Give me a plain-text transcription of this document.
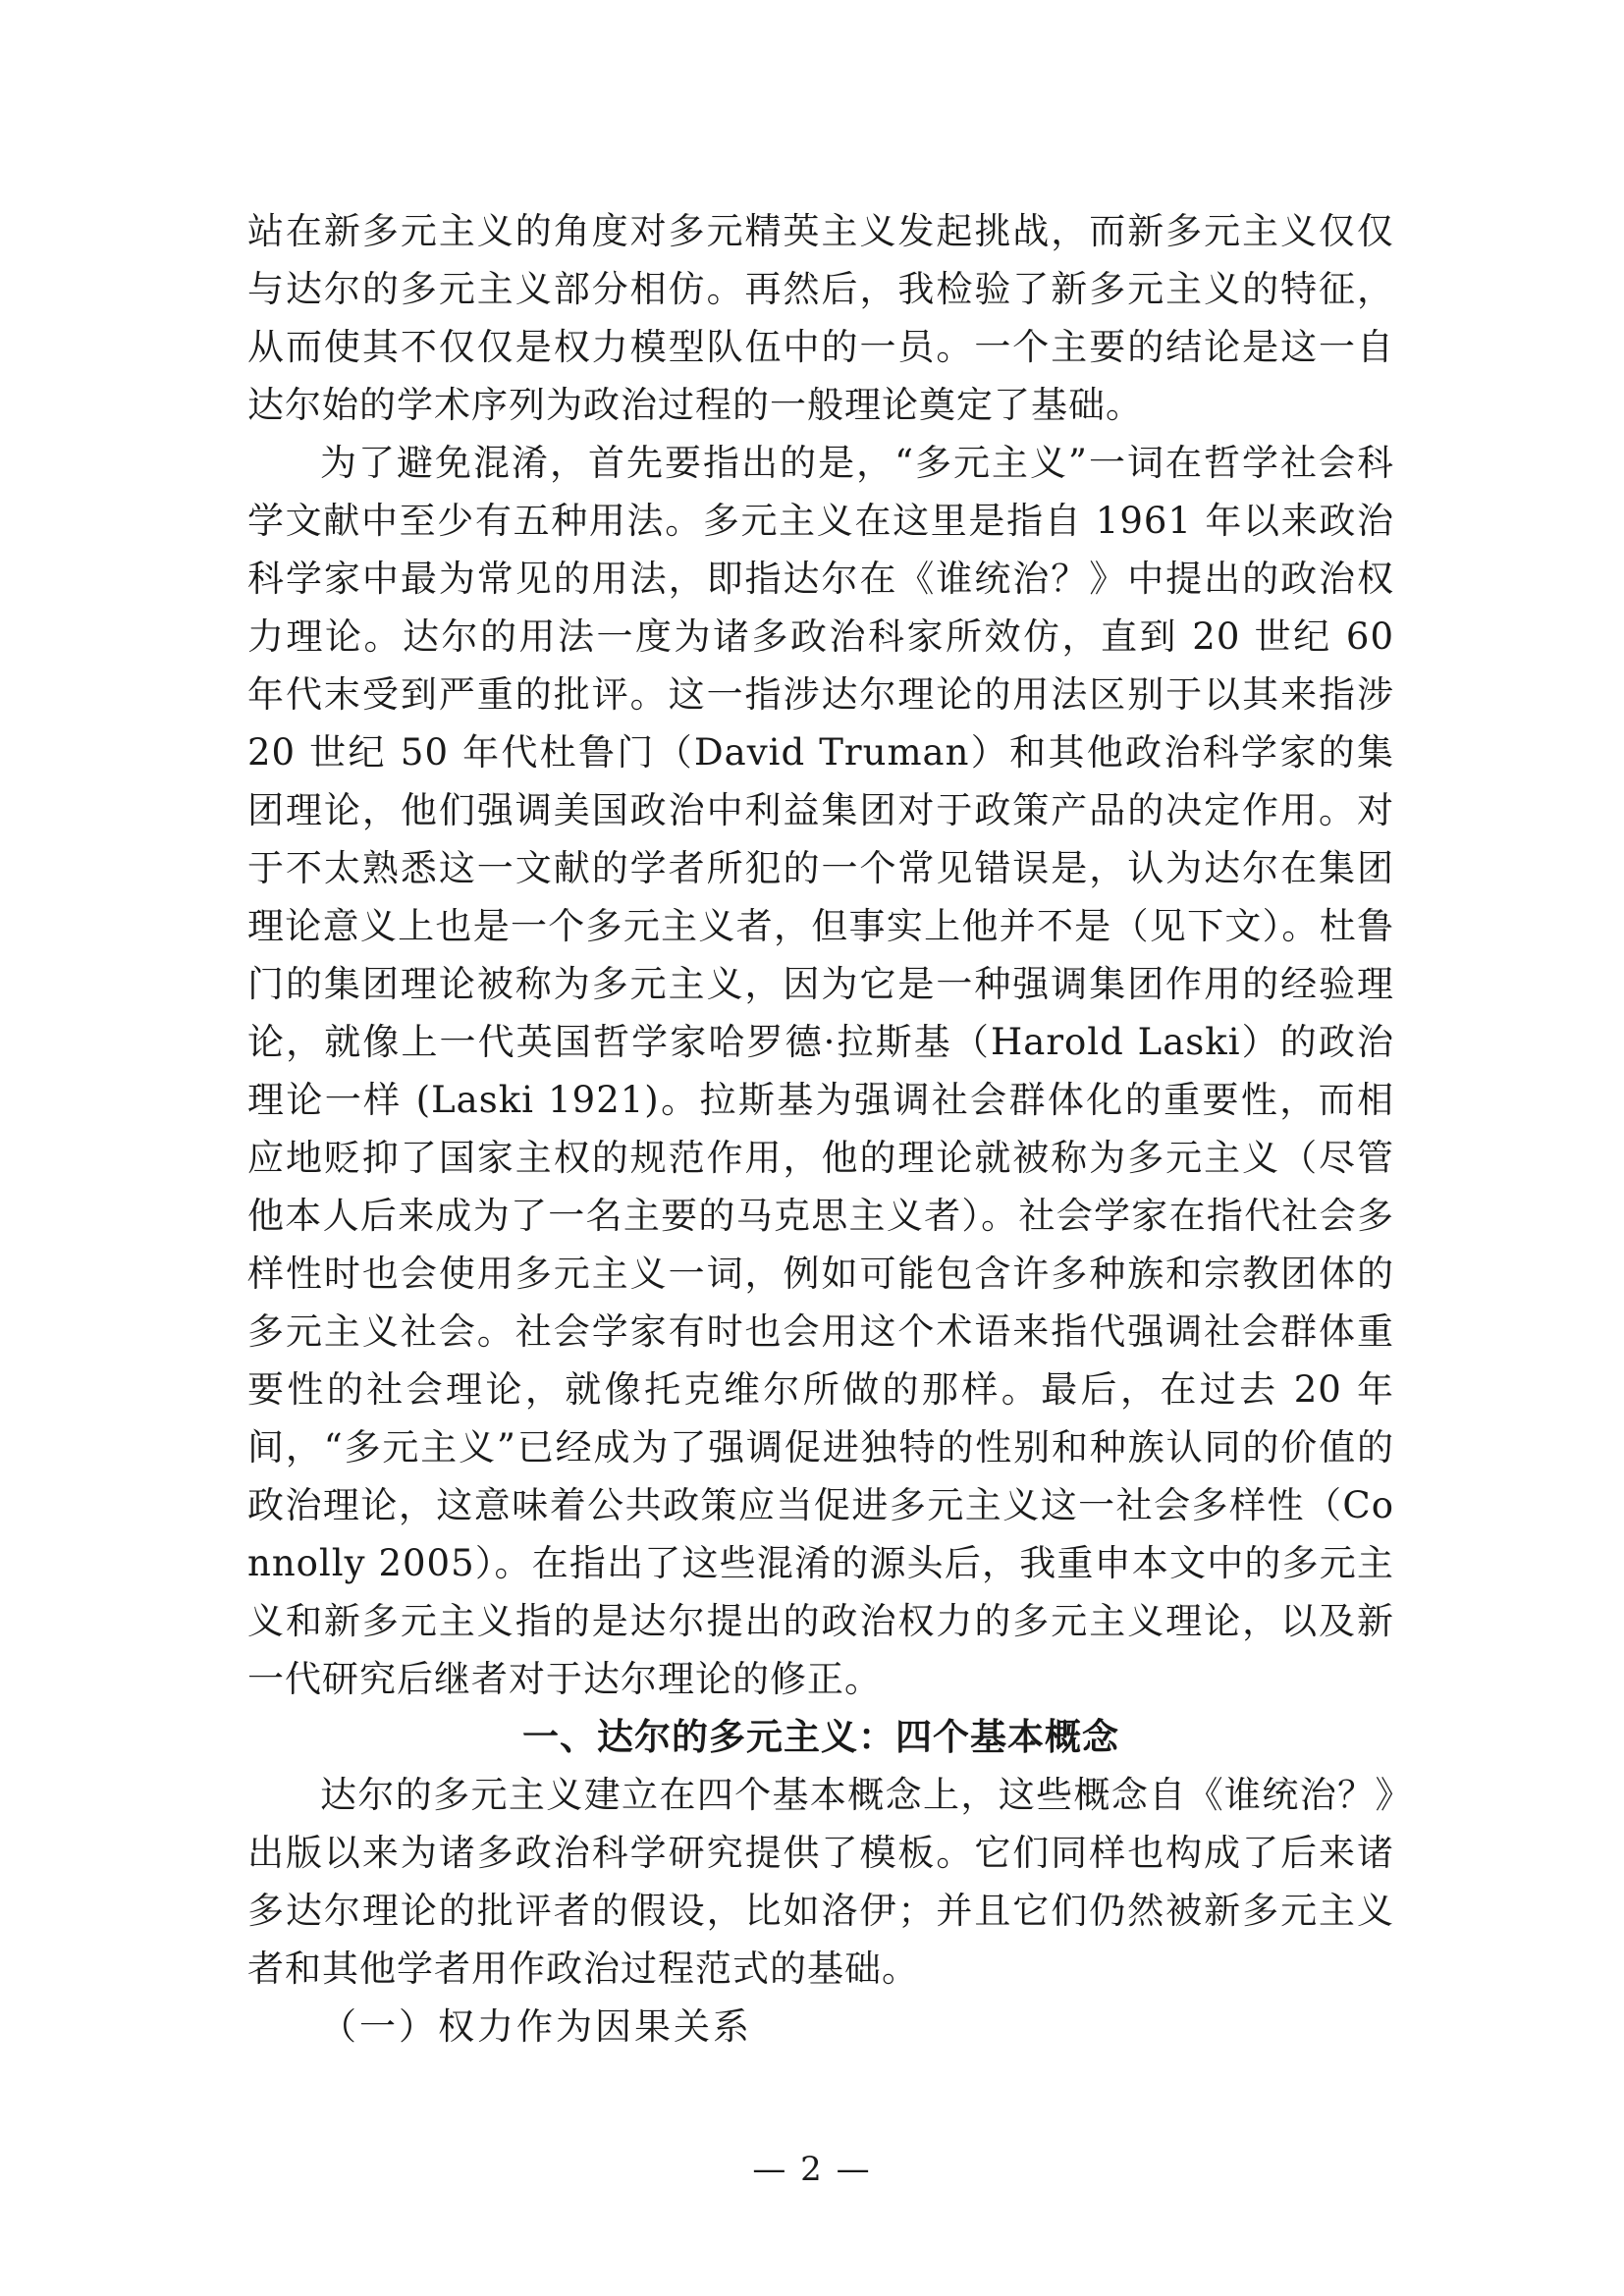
站在新多元主义的角度对多元精英主义发起挑战，而新多元主义仅仅与达尔的多元主义部分相仿。再然后，我检验了新多元主义的特征，从而使其不仅仅是权力模型队伍中的一员。一个主要的结论是这一自达尔始的学术序列为政治过程的一般理论奠定了基础。

为了避免混淆，首先要指出的是，“多元主义”一词在哲学社会科学文献中至少有五种用法。多元主义在这里是指自 1961 年以来政治科学家中最为常见的用法，即指达尔在《谁统治？》中提出的政治权力理论。达尔的用法一度为诸多政治科家所效仿，直到 20 世纪 60 年代末受到严重的批评。这一指涉达尔理论的用法区别于以其来指涉 20 世纪 50 年代杜鲁门（David Truman）和其他政治科学家的集团理论，他们强调美国政治中利益集团对于政策产品的决定作用。对于不太熟悉这一文献的学者所犯的一个常见错误是，认为达尔在集团理论意义上也是一个多元主义者，但事实上他并不是（见下文）。杜鲁门的集团理论被称为多元主义，因为它是一种强调集团作用的经验理论，就像上一代英国哲学家哈罗德·拉斯基（Harold Laski）的政治理论一样 (Laski 1921)。拉斯基为强调社会群体化的重要性，而相应地贬抑了国家主权的规范作用，他的理论就被称为多元主义（尽管他本人后来成为了一名主要的马克思主义者）。社会学家在指代社会多样性时也会使用多元主义一词，例如可能包含许多种族和宗教团体的多元主义社会。社会学家有时也会用这个术语来指代强调社会群体重要性的社会理论，就像托克维尔所做的那样。最后，在过去 20 年间，“多元主义”已经成为了强调促进独特的性别和种族认同的价值的政治理论，这意味着公共政策应当促进多元主义这一社会多样性（Connolly 2005）。在指出了这些混淆的源头后，我重申本文中的多元主义和新多元主义指的是达尔提出的政治权力的多元主义理论，以及新一代研究后继者对于达尔理论的修正。

一、达尔的多元主义：四个基本概念

达尔的多元主义建立在四个基本概念上，这些概念自《谁统治？》出版以来为诸多政治科学研究提供了模板。它们同样也构成了后来诸多达尔理论的批评者的假设，比如洛伊；并且它们仍然被新多元主义者和其他学者用作政治过程范式的基础。

（一）权力作为因果关系
— 2 —
